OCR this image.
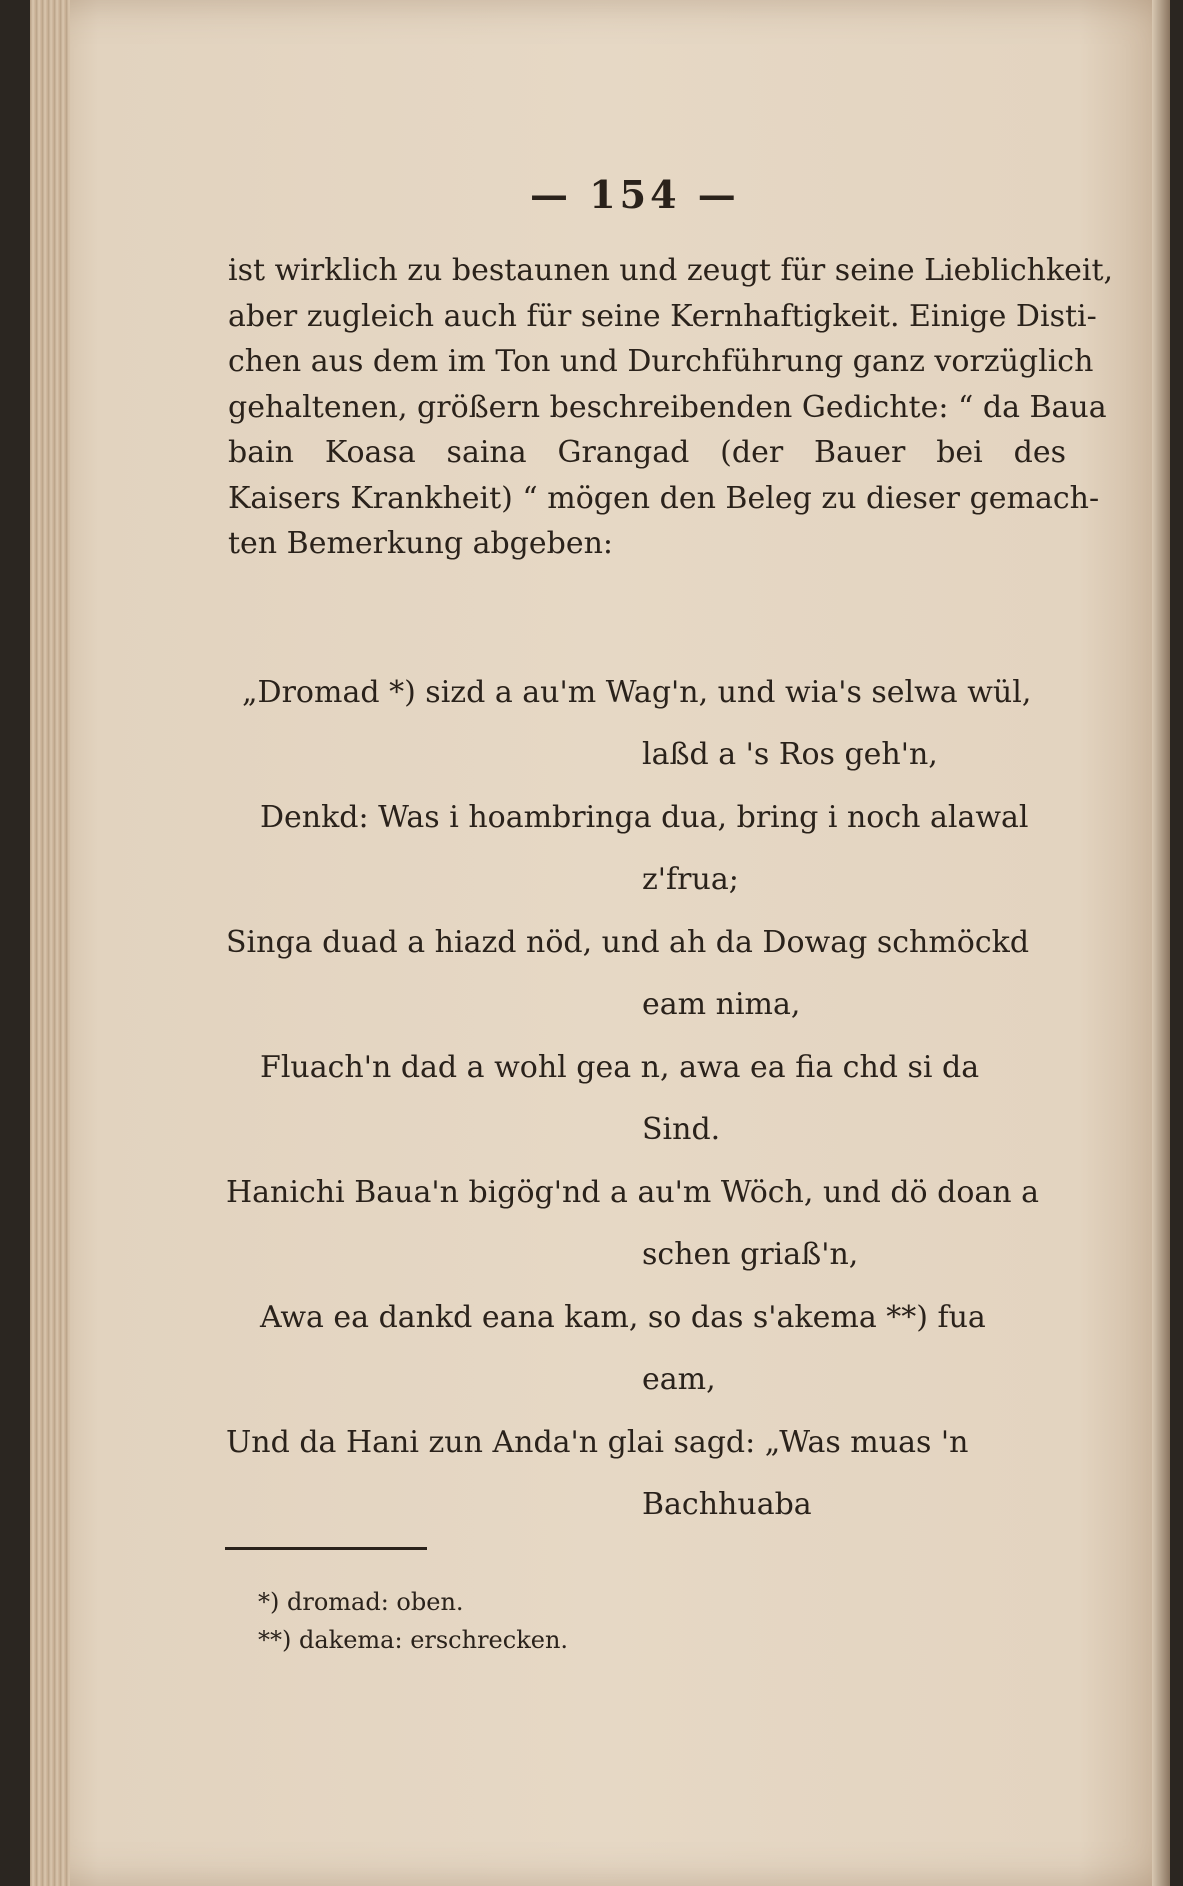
— 154 —
ist wirklich zu bestaunen und zeugt für seine Lieblichkeit,
aber zugleich auch für seine Kernhaftigkeit. Einige Disti-
chen aus dem im Ton und Durchführung ganz vorzüglich
gehaltenen, größern beschreibenden Gedichte: “ da Baua
bain Koasa saina Grangad (der Bauer bei des
Kaisers Krankheit) “ mögen den Beleg zu dieser gemach-
ten Bemerkung abgeben:
„Dromad *) sizd a au'm Wag'n, und wia's selwa wül,
laßd a 's Ros geh'n,
Denkd: Was i hoambringa dua, bring i noch alawal
z'frua;
Singa duad a hiazd nöd, und ah da Dowag schmöckd
eam nima,
Fluach'n dad a wohl gea n, awa ea fia chd si da
Sind.
Hanichi Baua'n bigög'nd a au'm Wöch, und dö doan a
schen griaß'n,
Awa ea dankd eana kam, so das s'akema **) fua
eam,
Und da Hani zun Anda'n glai sagd: „Was muas 'n
Bachhuaba
*) dromad: oben.
**) dakema: erschrecken.
